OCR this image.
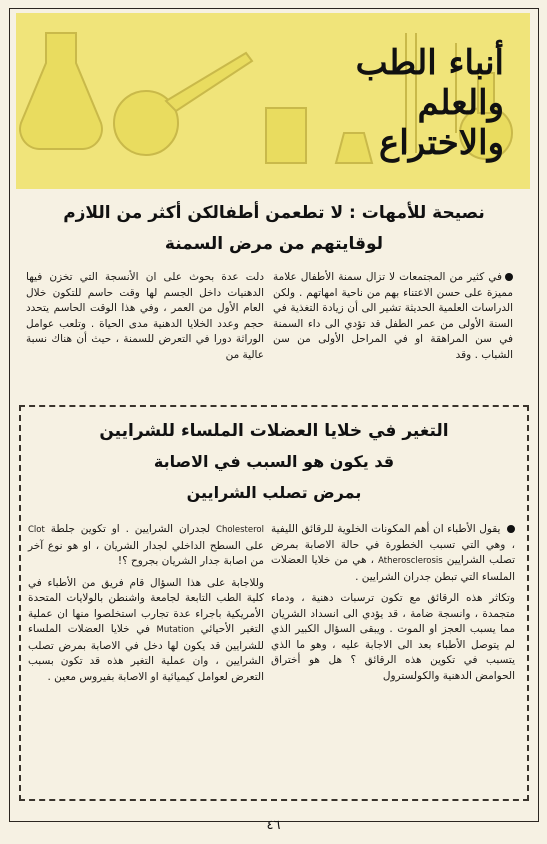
أنباء الطب
والعلم
والاختراع
نصيحة للأمهات : لا تطعمن أطفالكن أكثر من اللازم
لوقايتهم من مرض السمنة

في كثير من المجتمعات لا تزال سمنة الأطفال علامة مميزة على حسن الاعتناء بهم من ناحية امهاتهم . ولكن الدراسات العلمية الحديثة تشير الى أن زيادة التغذية في السنة الأولى من عمر الطفل قد تؤدي الى داء السمنة في سن المراهقة او في المراحل الأولى من سن الشباب . وقد

دلت عدة بحوث على ان الأنسجة التي تخزن فيها الدهنيات داخل الجسم لها وقت حاسم للتكون خلال العام الأول من العمر ، وفي هذا الوقت الحاسم يتحدد حجم وعدد الخلايا الدهنية مدى الحياة . وتلعب عوامل الوراثة دورا في التعرض للسمنة ، حيث أن هناك نسبة عالية من

التغير في خلايا العضلات الملساء للشرايين
قد يكون هو السبب في الاصابة
بمرض تصلب الشرايين

يقول الأطباء ان أهم المكونات الخلوية للرقائق الليفية ، وهي التي تسبب الخطورة في حالة الاصابة بمرض تصلب الشرايين Atherosclerosis ، هي من خلايا العضلات الملساء التي تبطن جدران الشرايين .

وتكاثر هذه الرقائق مع تكون ترسبات دهنية ، ودماء متجمدة ، وانسجة ضامة ، قد يؤدي الى انسداد الشريان مما يسبب العجز او الموت . ويبقى السؤال الكبير الذي لم يتوصل الأطباء بعد الى الاجابة عليه ، وهو ما الذي يتسبب في تكوين هذه الرقائق ؟ هل هو أختراق الحوامض الدهنية والكولسترول

Cholesterol لجدران الشرايين . او تكوين جلطة Clot على السطح الداخلي لجدار الشريان ، او هو نوع آخر من اصابة جدار الشريان بجروح ؟!

وللاجابة على هذا السؤال قام فريق من الأطباء في كلية الطب التابعة لجامعة واشنطن بالولايات المتحدة الأمريكية باجراء عدة تجارب استخلصوا منها ان عملية التغير الأحيائي Mutation في خلايا العضلات الملساء للشرايين قد يكون لها دخل في الاصابة بمرض تصلب الشرايين ، وان عملية التغير هذه قد تكون بسبب التعرض لعوامل كيميائية او الاصابة بفيروس معين .

٤٦
